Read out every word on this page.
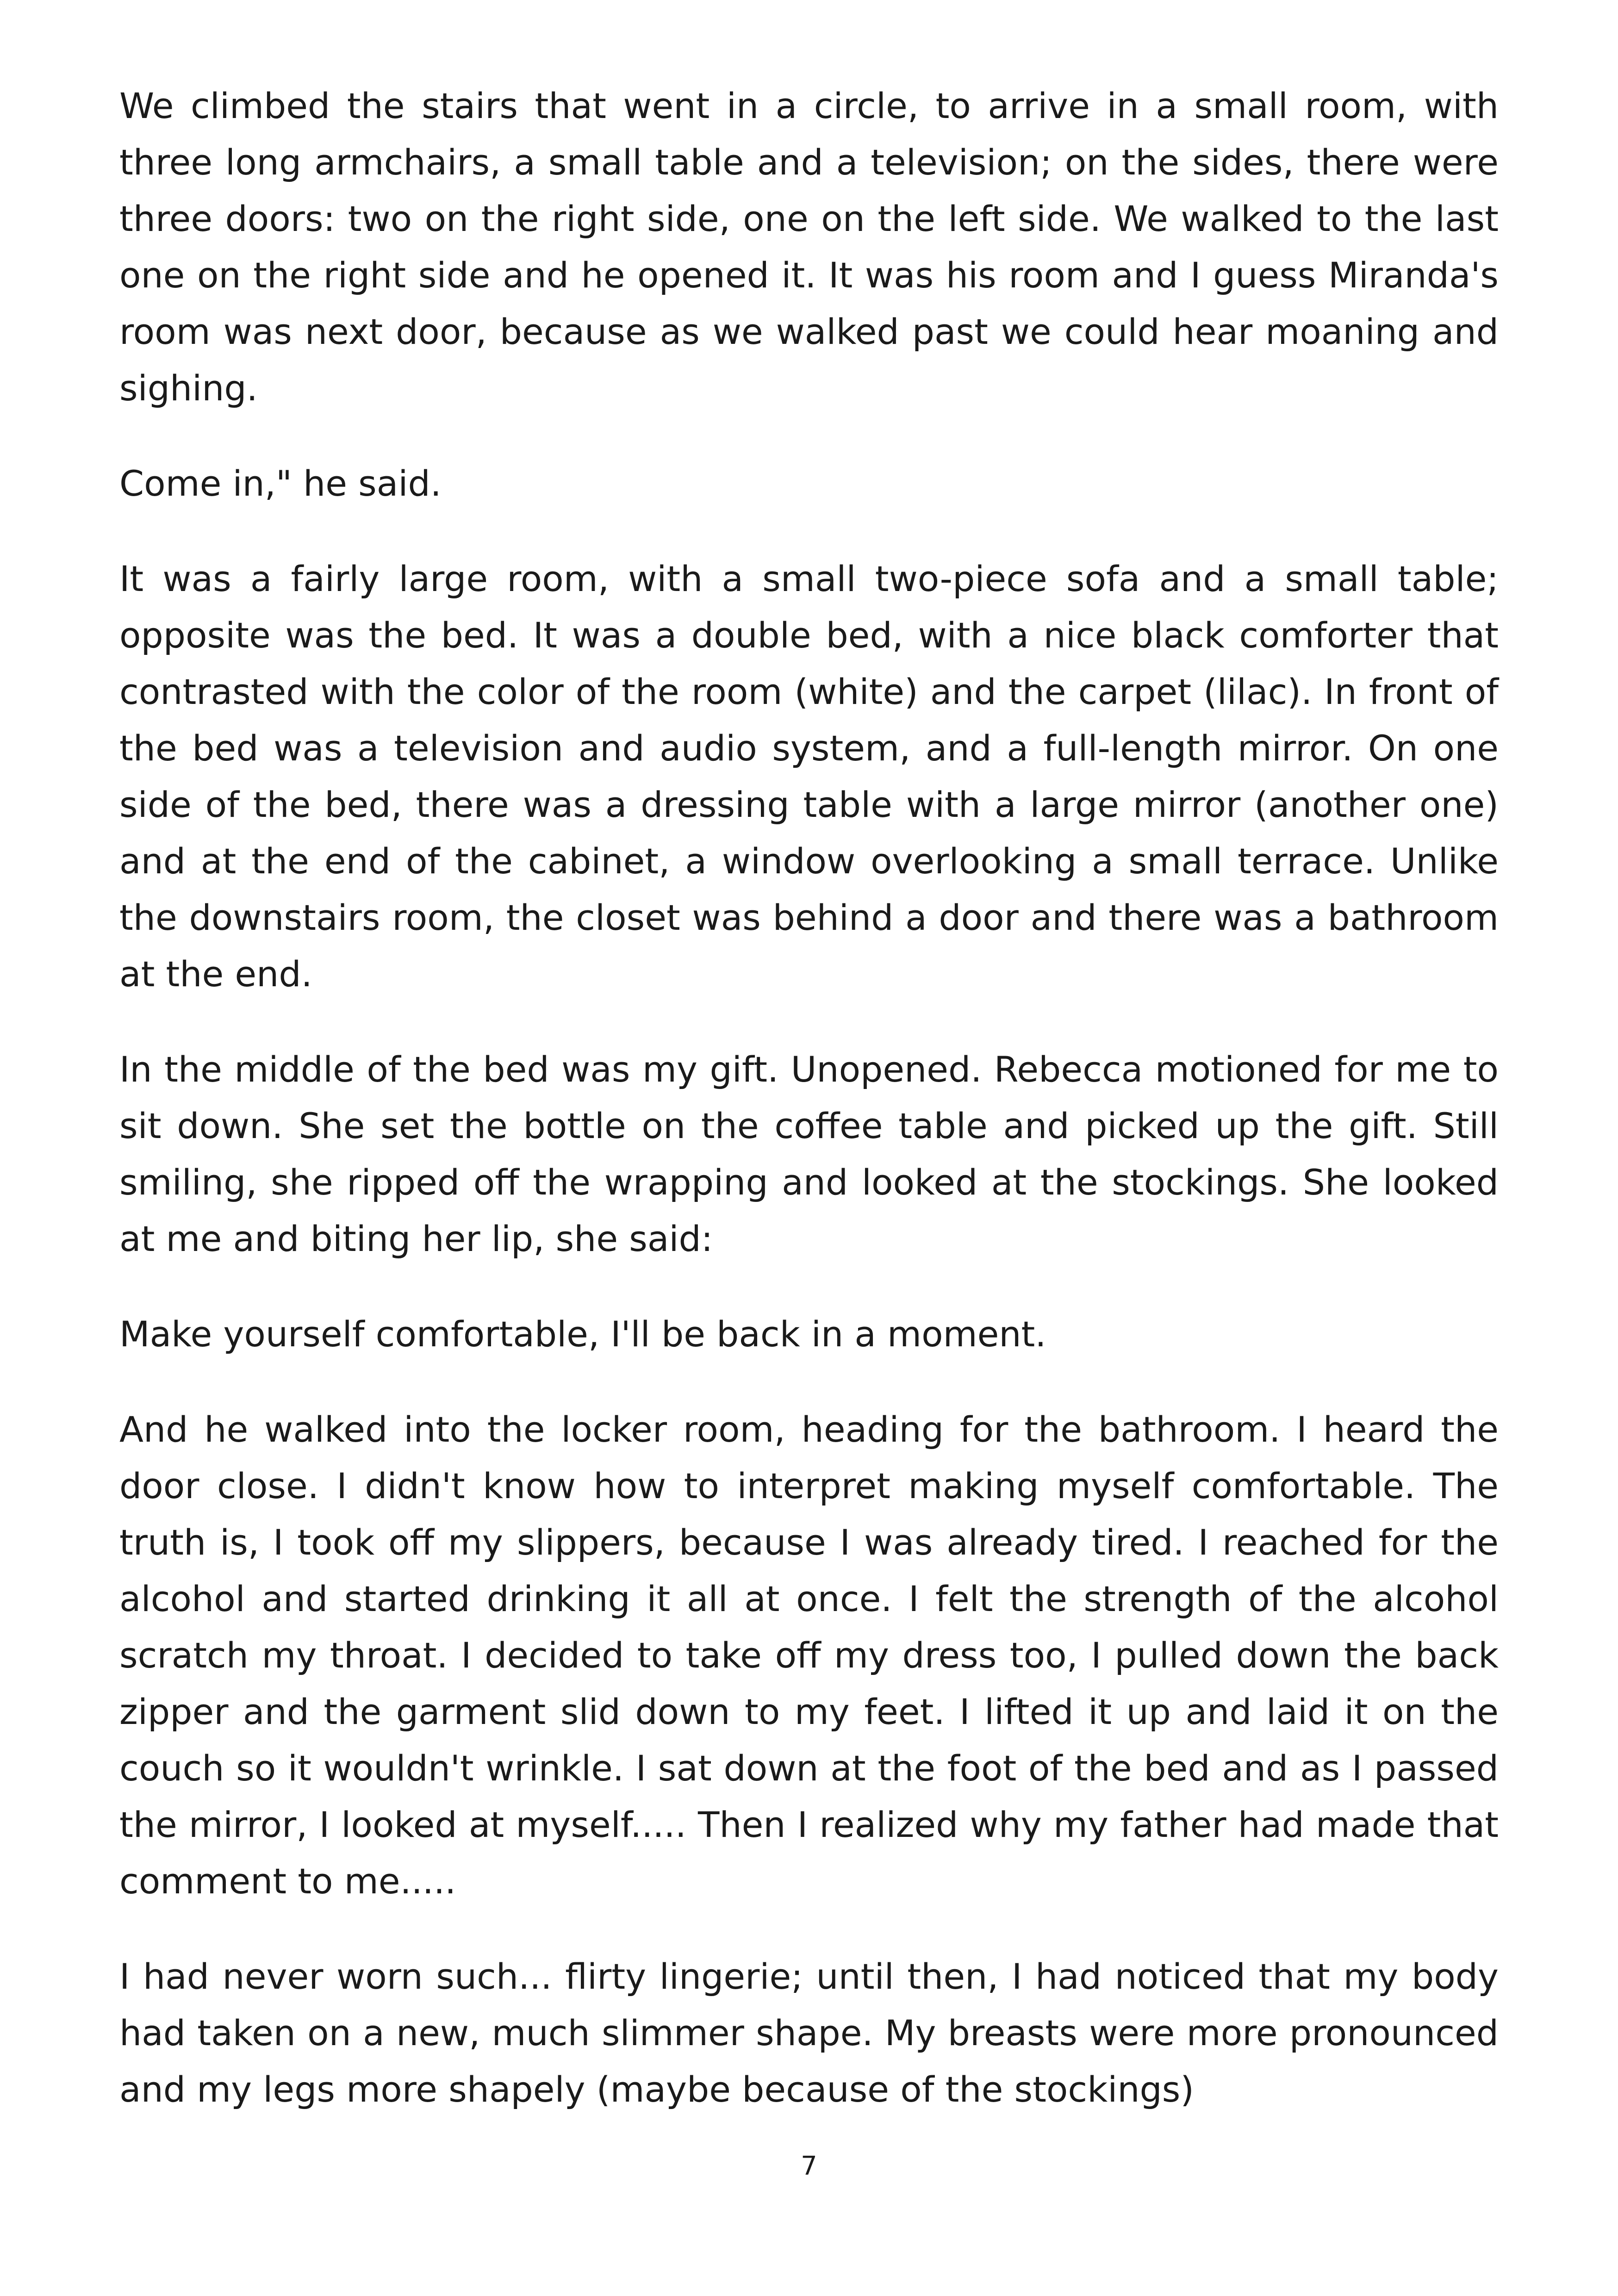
We climbed the stairs that went in a circle, to arrive in a small room, with three long armchairs, a small table and a television; on the sides, there were three doors: two on the right side, one on the left side. We walked to the last one on the right side and he opened it. It was his room and I guess Miranda's room was next door, because as we walked past we could hear moaning and sighing.

Come in," he said.

It was a fairly large room, with a small two-piece sofa and a small table; opposite was the bed. It was a double bed, with a nice black comforter that contrasted with the color of the room (white) and the carpet (lilac). In front of the bed was a television and audio system, and a full-length mirror. On one side of the bed, there was a dressing table with a large mirror (another one) and at the end of the cabinet, a window overlooking a small terrace. Unlike the downstairs room, the closet was behind a door and there was a bathroom at the end.

In the middle of the bed was my gift. Unopened. Rebecca motioned for me to sit down. She set the bottle on the coffee table and picked up the gift. Still smiling, she ripped off the wrapping and looked at the stockings. She looked at me and biting her lip, she said:

Make yourself comfortable, I'll be back in a moment.

And he walked into the locker room, heading for the bathroom. I heard the door close. I didn't know how to interpret making myself comfortable. The truth is, I took off my slippers, because I was already tired. I reached for the alcohol and started drinking it all at once. I felt the strength of the alcohol scratch my throat. I decided to take off my dress too, I pulled down the back zipper and the garment slid down to my feet. I lifted it up and laid it on the couch so it wouldn't wrinkle. I sat down at the foot of the bed and as I passed the mirror, I looked at myself..... Then I realized why my father had made that comment to me.....

I had never worn such... flirty lingerie; until then, I had noticed that my body had taken on a new, much slimmer shape. My breasts were more pronounced and my legs more shapely (maybe because of the stockings)

7
